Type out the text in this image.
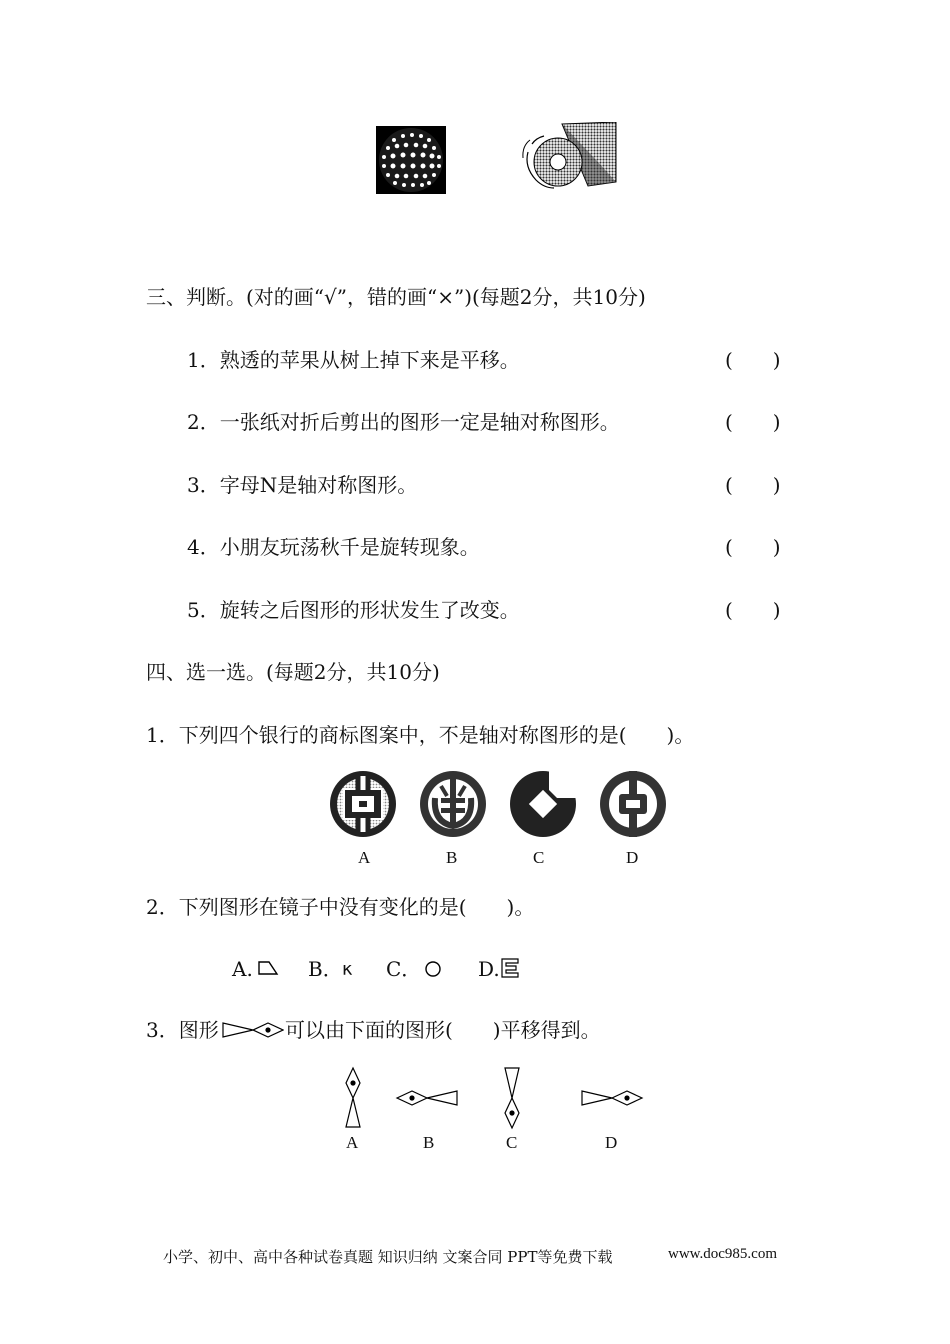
三、判断。(对的画“√”，错的画“×”)(每题2分，共10分)
1．熟透的苹果从树上掉下来是平移。	(　　)
2．一张纸对折后剪出的图形一定是轴对称图形。	(　　)
3．字母N是轴对称图形。	(　　)
4．小朋友玩荡秋千是旋转现象。	(　　)
5．旋转之后图形的形状发生了改变。	(　　)
四、选一选。(每题2分，共10分)
1．下列四个银行的商标图案中，不是轴对称图形的是(　　)。
A	B	C	D
2．下列图形在镜子中没有变化的是(　　)。
A.	B． κ C．	D.
3．图形	可以由下面的图形(　　)平移得到。
A	B	C	D
小学、初中、高中各种试卷真题 知识归纳 文案合同 PPT等免费下载	www.doc985.com
